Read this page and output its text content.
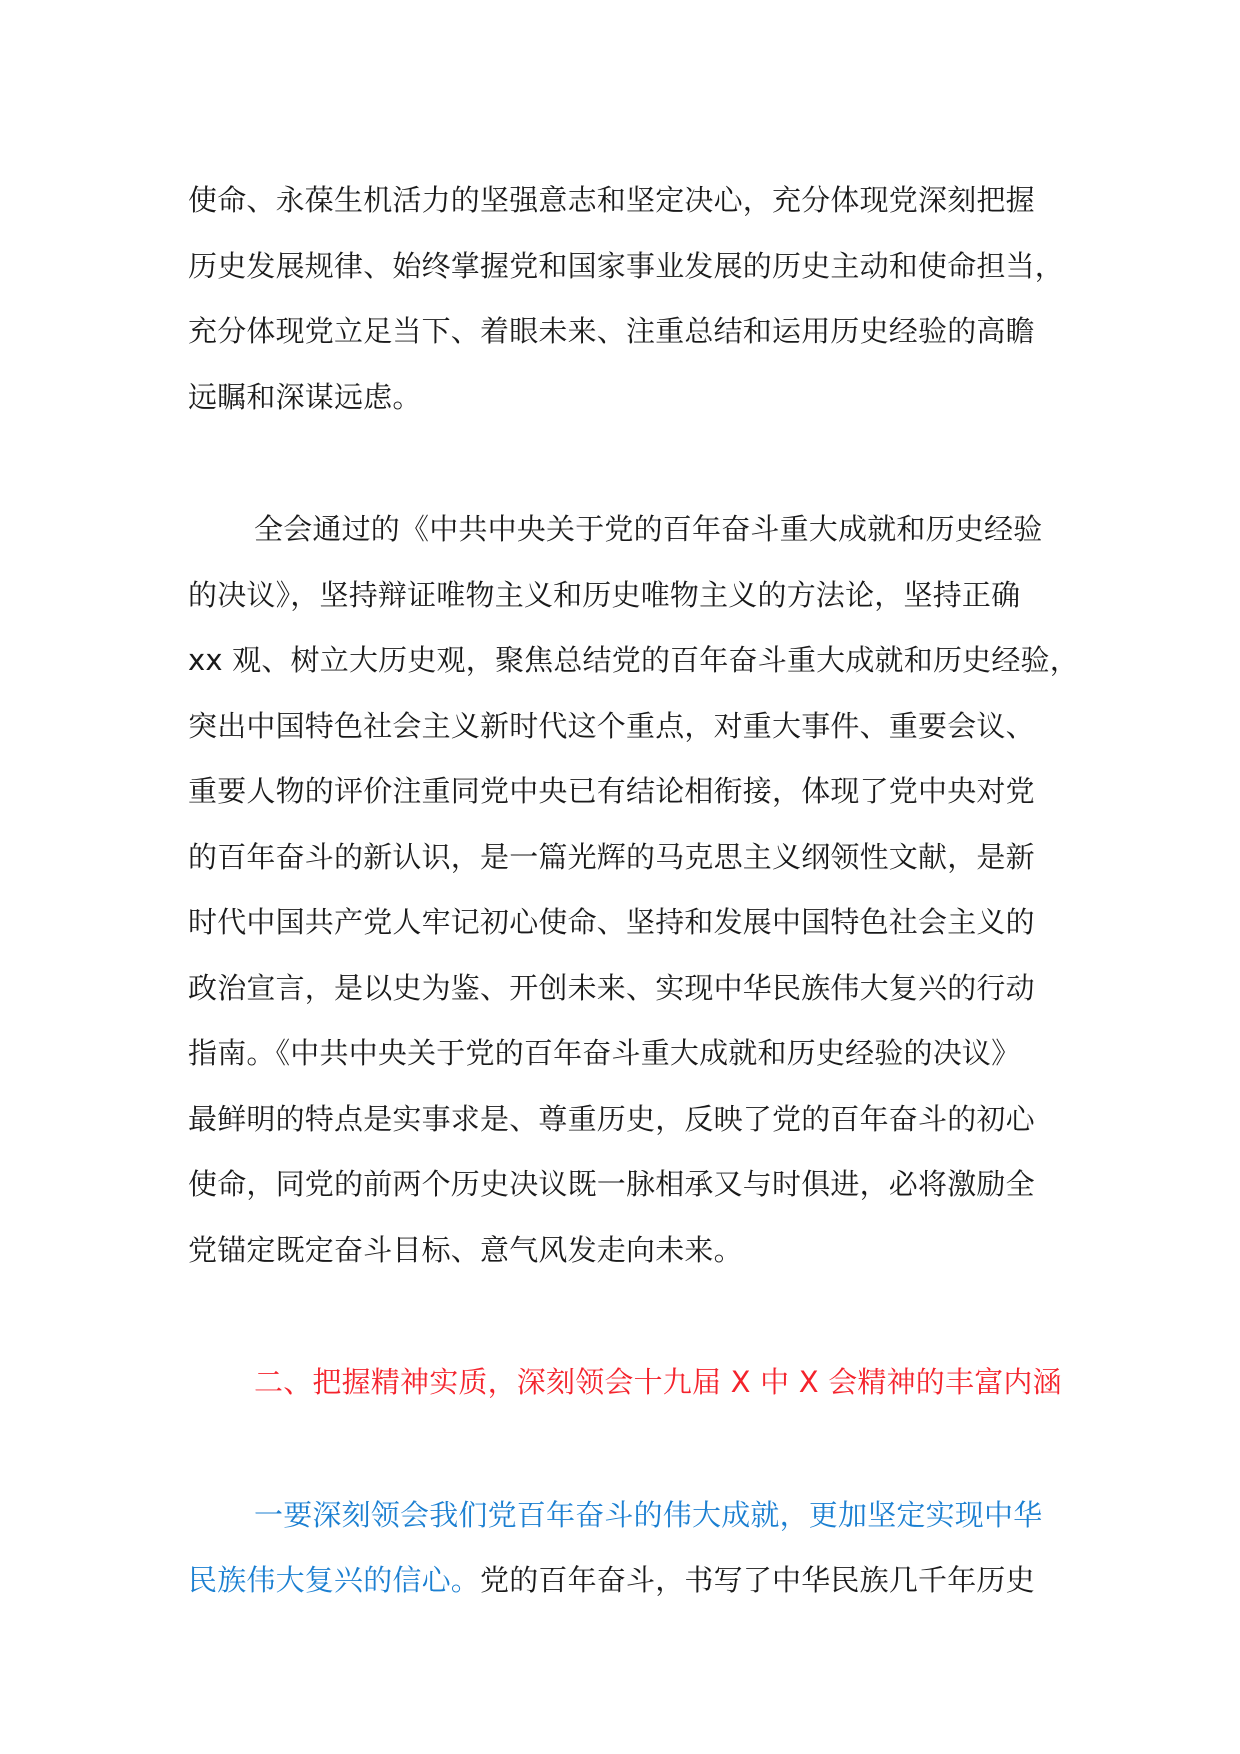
使命、永葆生机活力的坚强意志和坚定决心，充分体现党深刻把握
历史发展规律、始终掌握党和国家事业发展的历史主动和使命担当，
充分体现党立足当下、着眼未来、注重总结和运用历史经验的高瞻
远瞩和深谋远虑。

全会通过的《中共中央关于党的百年奋斗重大成就和历史经验
的决议》，坚持辩证唯物主义和历史唯物主义的方法论，坚持正确
xx 观、树立大历史观，聚焦总结党的百年奋斗重大成就和历史经验，
突出中国特色社会主义新时代这个重点，对重大事件、重要会议、
重要人物的评价注重同党中央已有结论相衔接，体现了党中央对党
的百年奋斗的新认识，是一篇光辉的马克思主义纲领性文献，是新
时代中国共产党人牢记初心使命、坚持和发展中国特色社会主义的
政治宣言，是以史为鉴、开创未来、实现中华民族伟大复兴的行动
指南。《中共中央关于党的百年奋斗重大成就和历史经验的决议》
最鲜明的特点是实事求是、尊重历史，反映了党的百年奋斗的初心
使命，同党的前两个历史决议既一脉相承又与时俱进，必将激励全
党锚定既定奋斗目标、意气风发走向未来。

二、把握精神实质，深刻领会十九届 X 中 X 会精神的丰富内涵

一要深刻领会我们党百年奋斗的伟大成就，更加坚定实现中华
民族伟大复兴的信心。党的百年奋斗，书写了中华民族几千年历史
